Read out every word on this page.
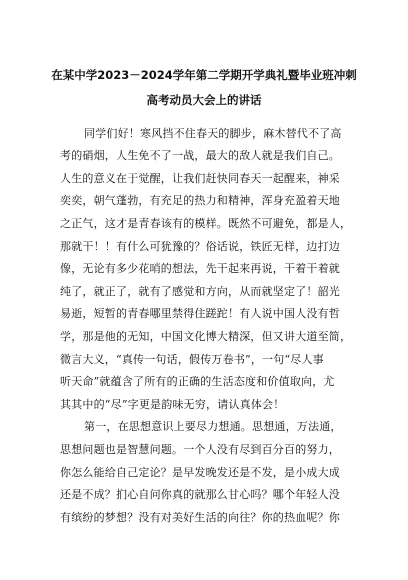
在某中学2023－2024学年第二学期开学典礼暨毕业班冲刺
高考动员大会上的讲话

同学们好！寒风挡不住春天的脚步，麻木替代不了高

考的硝烟，人生免不了一战，最大的敌人就是我们自己。

人生的意义在于觉醒，让我们赶快同春天一起醒来，神采

奕奕，朝气蓬勃，有充足的热力和精神，浑身充盈着天地

之正气，这才是青春该有的模样。既然不可避免，都是人，

那就干！！有什么可犹豫的？俗话说，铁匠无样，边打边

像，无论有多少花哨的想法，先干起来再说，干着干着就

纯了，就正了，就有了感觉和方向，从而就坚定了！韶光

易逝，短暂的青春哪里禁得住蹉跎！有人说中国人没有哲

学，那是他的无知，中国文化博大精深，但又讲大道至简，

微言大义，“真传一句话，假传万卷书”，一句“尽人事

听天命”就蕴含了所有的正确的生活态度和价值取向，尤

其其中的“尽”字更是韵味无穷，请认真体会！

第一，在思想意识上要尽力想通。思想通，万法通，

思想问题也是智慧问题。一个人没有尽到百分百的努力，

你怎么能给自己定论？是早发晚发还是不发，是小成大成

还是不成？扪心自问你真的就那么甘心吗？哪个年轻人没

有缤纷的梦想？没有对美好生活的向往？你的热血呢？你
